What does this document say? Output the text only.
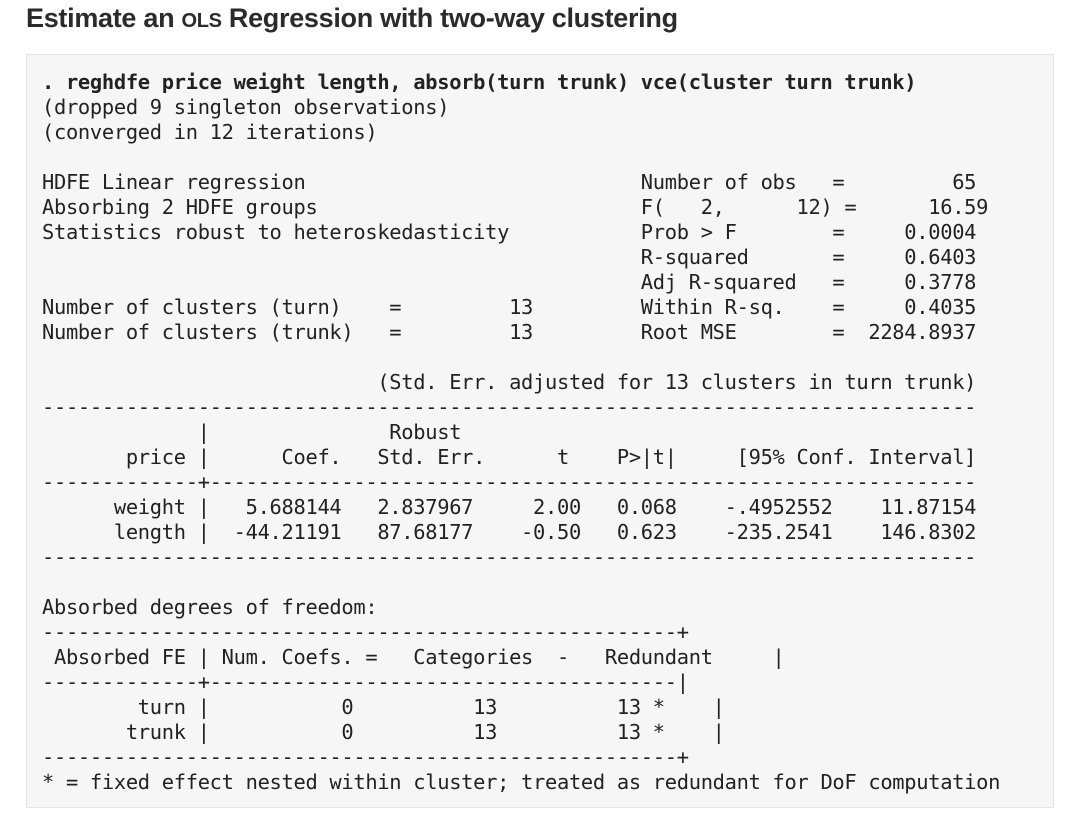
Estimate an ols Regression with two-way clustering
. reghdfe price weight length, absorb(turn trunk) vce(cluster turn trunk)
(dropped 9 singleton observations)
(converged in 12 iterations)

HDFE Linear regression                            Number of obs   =         65
Absorbing 2 HDFE groups                           F(   2,      12) =      16.59
Statistics robust to heteroskedasticity           Prob > F        =     0.0004
R-squared       =     0.6403
Adj R-squared   =     0.3778
Number of clusters (turn)    =         13         Within R-sq.    =     0.4035
Number of clusters (trunk)   =         13         Root MSE        =  2284.8937

(Std. Err. adjusted for 13 clusters in turn trunk)
------------------------------------------------------------------------------
|               Robust
price |      Coef.   Std. Err.      t    P>|t|     [95% Conf. Interval]
-------------+----------------------------------------------------------------
weight |   5.688144   2.837967     2.00   0.068    -.4952552    11.87154
length |  -44.21191   87.68177    -0.50   0.623    -235.2541    146.8302
------------------------------------------------------------------------------

Absorbed degrees of freedom:
-----------------------------------------------------+
Absorbed FE | Num. Coefs. =   Categories  -   Redundant     |
-------------+---------------------------------------|
turn |           0          13          13 *    |
trunk |           0          13          13 *    |
-----------------------------------------------------+
* = fixed effect nested within cluster; treated as redundant for DoF computation
